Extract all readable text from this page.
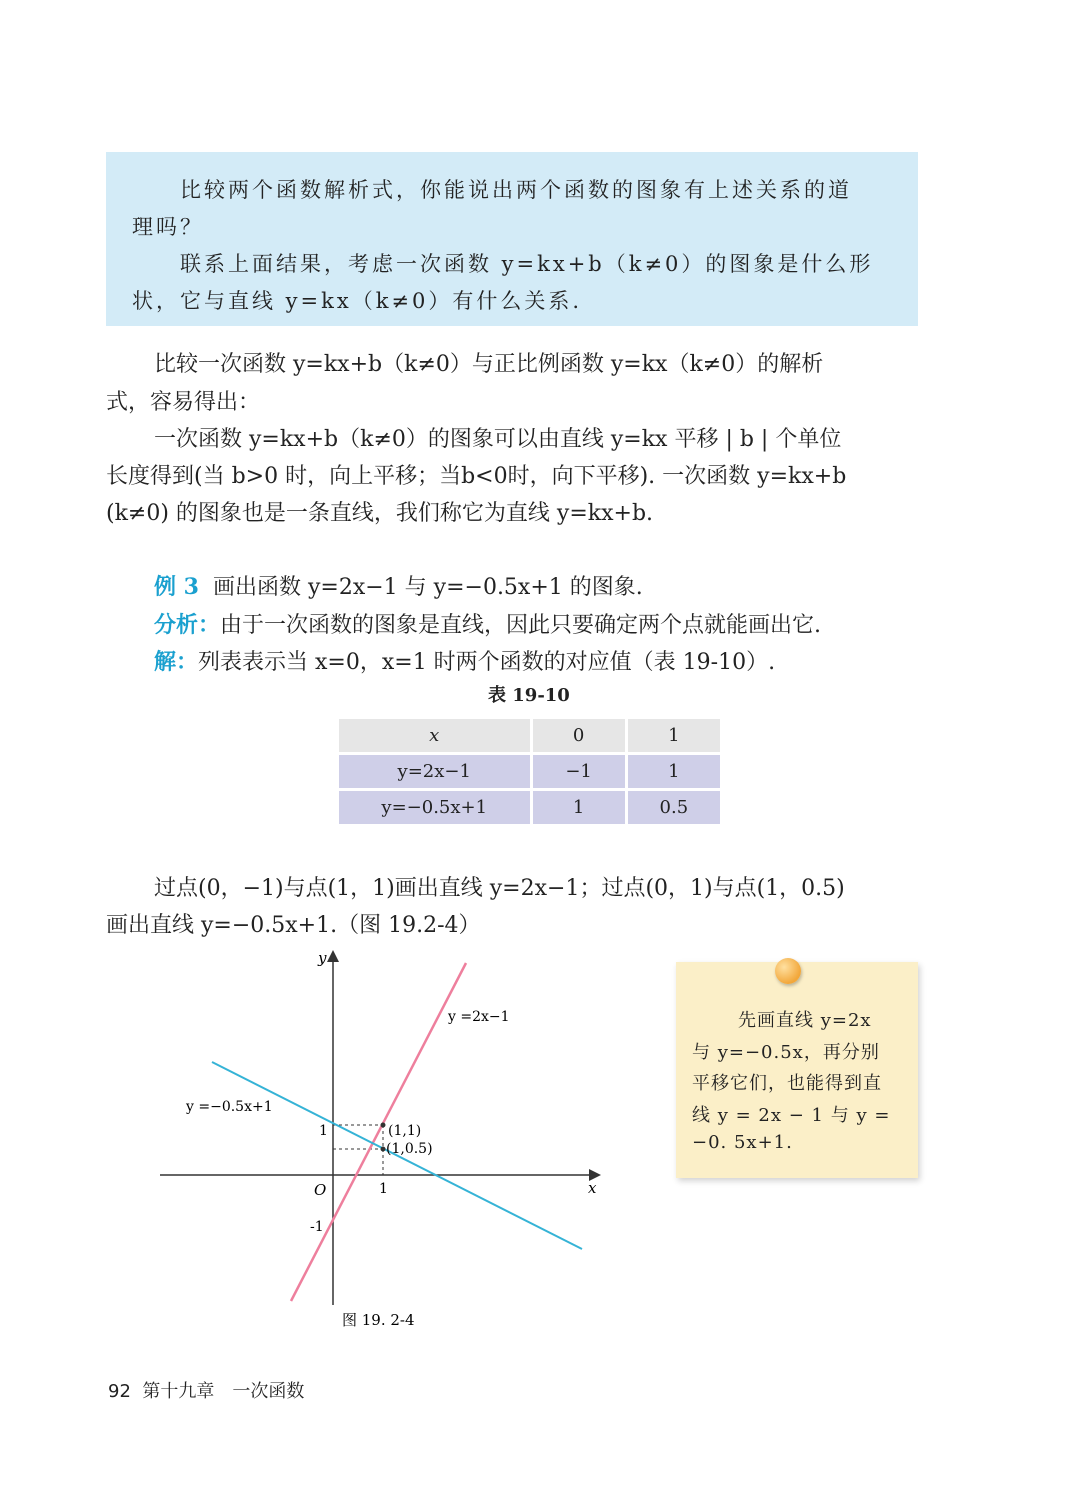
比较两个函数解析式，你能说出两个函数的图象有上述关系的道
理吗？
联系上面结果，考虑一次函数 y=kx+b（k≠0）的图象是什么形
状，它与直线 y=kx（k≠0）有什么关系.
比较一次函数 y=kx+b（k≠0）与正比例函数 y=kx（k≠0）的解析
式，容易得出：
一次函数 y=kx+b（k≠0）的图象可以由直线 y=kx 平移 | b | 个单位
长度得到(当 b>0 时，向上平移；当b<0时，向下平移). 一次函数 y=kx+b
(k≠0) 的图象也是一条直线，我们称它为直线 y=kx+b.
例 3 画出函数 y=2x−1 与 y=−0.5x+1 的图象.
分析：由于一次函数的图象是直线，因此只要确定两个点就能画出它.
解：列表表示当 x=0，x=1 时两个函数的对应值（表 19-10）.
表 19-10
x	0	1
y=2x−1	−1	1
y=−0.5x+1	1	0.5
过点(0，−1)与点(1，1)画出直线 y=2x−1；过点(0，1)与点(1，0.5)
画出直线 y=−0.5x+1.（图 19.2-4）
y
x
O	1
1
-1
y =2x−1
y =−0.5x+1
(1,1)
(1,0.5)
图 19. 2-4
先画直线 y=2x
与 y=−0.5x，再分别
平移它们，也能得到直
线 y = 2x − 1 与 y =
−0. 5x+1.
92 第十九章　一次函数
